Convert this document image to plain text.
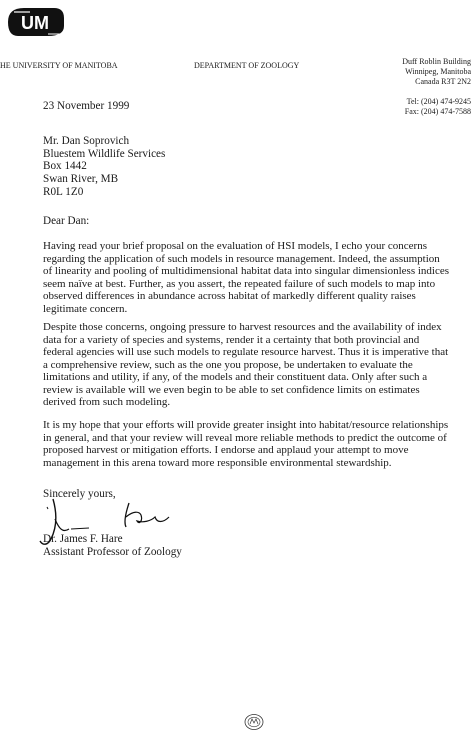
UM
HE UNIVERSITY OF MANITOBA	DEPARTMENT OF ZOOLOGY	Duff Roblin Building
Winnipeg, Manitoba
Canada R3T 2N2
Tel: (204) 474-9245
Fax: (204) 474-7588
23 November 1999
Mr. Dan Soprovich
Bluestem Wildlife Services
Box 1442
Swan River, MB
R0L 1Z0
Dear Dan:
Having read your brief proposal on the evaluation of HSI models, I echo your concerns
regarding the application of such models in resource management. Indeed, the assumption
of linearity and pooling of multidimensional habitat data into singular dimensionless indices
seem naïve at best. Further, as you assert, the repeated failure of such models to map into
observed differences in abundance across habitat of markedly different quality raises
legitimate concern.
Despite those concerns, ongoing pressure to harvest resources and the availability of index
data for a variety of species and systems, render it a certainty that both provincial and
federal agencies will use such models to regulate resource harvest. Thus it is imperative that
a comprehensive review, such as the one you propose, be undertaken to evaluate the
limitations and utility, if any, of the models and their constituent data. Only after such a
review is available will we even begin to be able to set confidence limits on estimates
derived from such modeling.
It is my hope that your efforts will provide greater insight into habitat/resource relationships
in general, and that your review will reveal more reliable methods to predict the outcome of
proposed harvest or mitigation efforts. I endorse and applaud your attempt to move
management in this arena toward more responsible environmental stewardship.
Sincerely yours,
Dr. James F. Hare
Assistant Professor of Zoology
